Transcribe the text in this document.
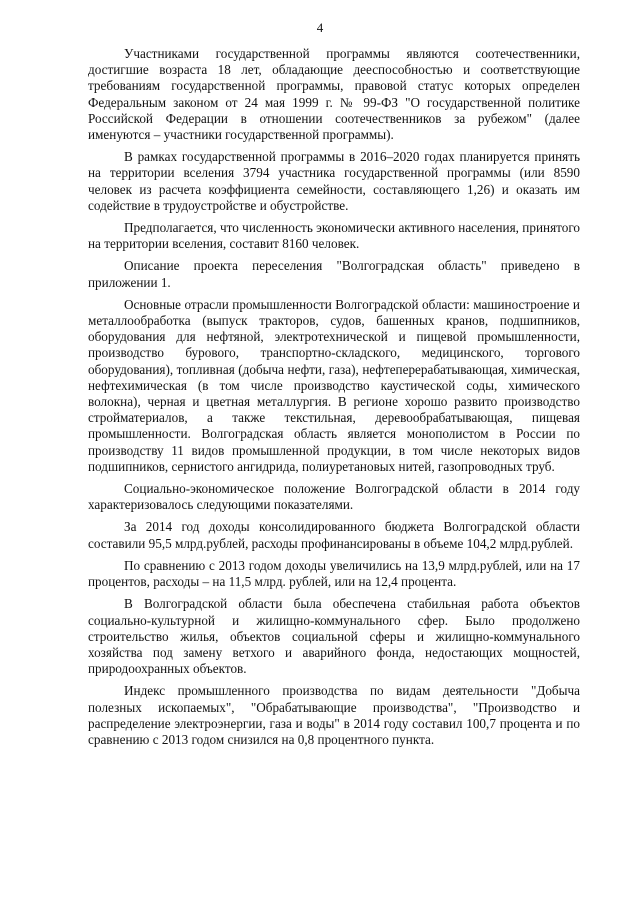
4

Участниками государственной программы являются соотечественники, достигшие возраста 18 лет, обладающие дееспособностью и соответствующие требованиям государственной программы, правовой статус которых определен Федеральным законом от 24 мая 1999 г. № 99-ФЗ "О государственной политике Российской Федерации в отношении соотечественников за рубежом" (далее именуются – участники государственной программы).

В рамках государственной программы в 2016–2020 годах планируется принять на территории вселения 3794 участника государственной программы (или 8590 человек из расчета коэффициента семейности, составляющего 1,26) и оказать им содействие в трудоустройстве и обустройстве.

Предполагается, что численность экономически активного населения, принятого на территории вселения, составит 8160 человек.

Описание проекта переселения "Волгоградская область" приведено в приложении 1.

Основные отрасли промышленности Волгоградской области: машиностроение и металлообработка (выпуск тракторов, судов, башенных кранов, подшипников, оборудования для нефтяной, электротехнической и пищевой промышленности, производство бурового, транспортно-складского, медицинского, торгового оборудования), топливная (добыча нефти, газа), нефтеперерабатывающая, химическая, нефтехимическая (в том числе производство каустической соды, химического волокна), черная и цветная металлургия. В регионе хорошо развито производство стройматериалов, а также текстильная, деревообрабатывающая, пищевая промышленности. Волгоградская область является монополистом в России по производству 11 видов промышленной продукции, в том числе некоторых видов подшипников, сернистого ангидрида, полиуретановых нитей, газопроводных труб.

Социально-экономическое положение Волгоградской области в 2014 году характеризовалось следующими показателями.

За 2014 год доходы консолидированного бюджета Волгоградской области составили 95,5 млрд.рублей, расходы профинансированы в объеме 104,2 млрд.рублей.

По сравнению с 2013 годом доходы увеличились на 13,9 млрд.рублей, или на 17 процентов, расходы – на 11,5 млрд. рублей, или на 12,4 процента.

В Волгоградской области была обеспечена стабильная работа объектов социально-культурной и жилищно-коммунального сфер. Было продолжено строительство жилья, объектов социальной сферы и жилищно-коммунального хозяйства под замену ветхого и аварийного фонда, недостающих мощностей, природоохранных объектов.

Индекс промышленного производства по видам деятельности "Добыча полезных ископаемых", "Обрабатывающие производства", "Производство и распределение электроэнергии, газа и воды" в 2014 году составил 100,7 процента и по сравнению с 2013 годом снизился на 0,8 процентного пункта.
